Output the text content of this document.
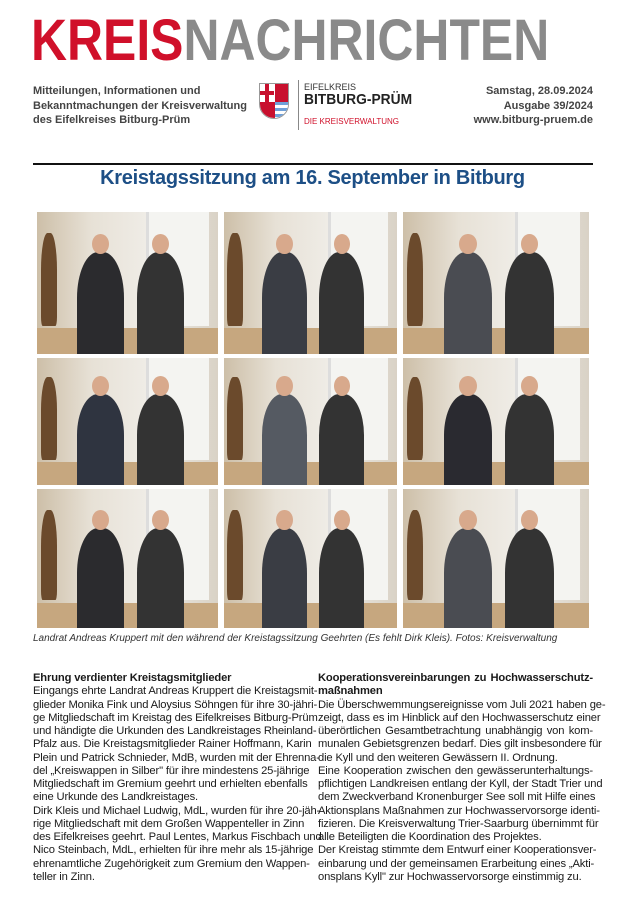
KREISNACHRICHTEN
Mitteilungen, Informationen und
Bekanntmachungen der Kreisverwaltung
des Eifelkreises Bitburg-Prüm
EIFELKREIS
BITBURG-PRÜM
DIE KREISVERWALTUNG
Samstag, 28.09.2024
Ausgabe 39/2024
www.bitburg-pruem.de
Kreistagssitzung am 16. September in Bitburg
Landrat Andreas Kruppert mit den während der Kreistagssitzung Geehrten (Es fehlt Dirk Kleis). Fotos: Kreisverwaltung
Ehrung verdienter Kreistagsmitglieder
Eingangs ehrte Landrat Andreas Kruppert die Kreistagsmit-
glieder Monika Fink und Aloysius Söhngen für ihre 30-jähri-
ge Mitgliedschaft im Kreistag des Eifelkreises Bitburg-Prüm
und händigte die Urkunden des Landkreistages Rheinland-
Pfalz aus. Die Kreistagsmitglieder Rainer Hoffmann, Karin
Plein und Patrick Schnieder, MdB, wurden mit der Ehrenna-
del „Kreiswappen in Silber" für ihre mindestens 25-jährige
Mitgliedschaft im Gremium geehrt und erhielten ebenfalls
eine Urkunde des Landkreistages.
Dirk Kleis und Michael Ludwig, MdL, wurden für ihre 20-jäh-
rige Mitgliedschaft mit dem Großen Wappenteller in Zinn
des Eifelkreises geehrt. Paul Lentes, Markus Fischbach und
Nico Steinbach, MdL, erhielten für ihre mehr als 15-jährige
ehrenamtliche Zugehörigkeit zum Gremium den Wappen-
teller in Zinn.
Kooperationsvereinbarungen zu Hochwasserschutz-
maßnahmen
Die Überschwemmungsereignisse vom Juli 2021 haben ge-
zeigt, dass es im Hinblick auf den Hochwasserschutz einer
überörtlichen Gesamtbetrachtung unabhängig von kom-
munalen Gebietsgrenzen bedarf. Dies gilt insbesondere für
die Kyll und den weiteren Gewässern II. Ordnung.
Eine Kooperation zwischen den gewässerunterhaltungs-
pflichtigen Landkreisen entlang der Kyll, der Stadt Trier und
dem Zweckverband Kronenburger See soll mit Hilfe eines
Aktionsplans Maßnahmen zur Hochwasservorsorge identi-
fizieren. Die Kreisverwaltung Trier-Saarburg übernimmt für
alle Beteiligten die Koordination des Projektes.
Der Kreistag stimmte dem Entwurf einer Kooperationsver-
einbarung und der gemeinsamen Erarbeitung eines „Akti-
onsplans Kyll" zur Hochwasservorsorge einstimmig zu.
